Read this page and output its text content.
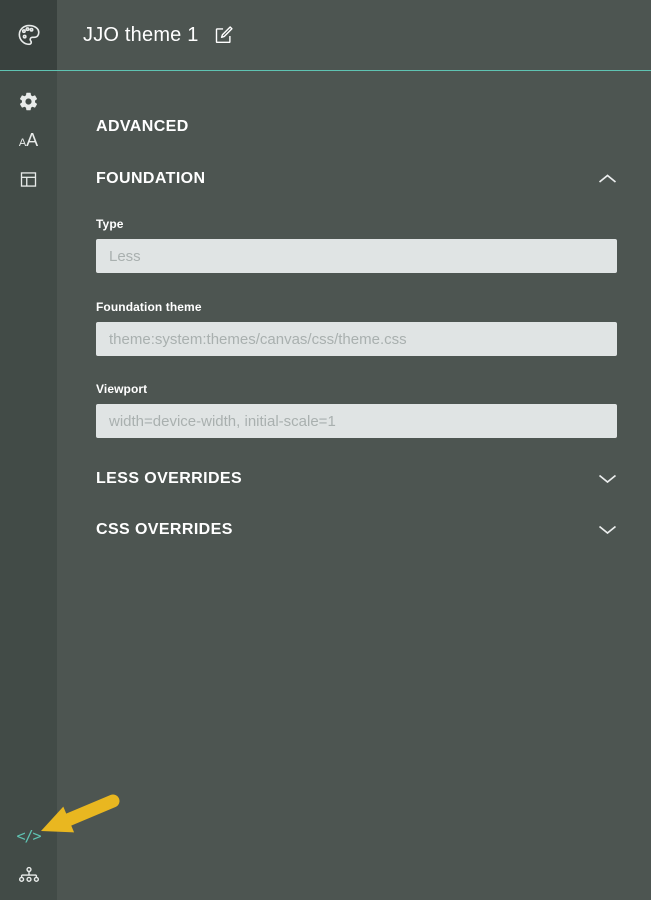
A A
</>
JJO theme 1
ADVANCED
FOUNDATION
Type
Less
Foundation theme
theme:system:themes/canvas/css/theme.css
Viewport
width=device-width, initial-scale=1
LESS OVERRIDES
CSS OVERRIDES
